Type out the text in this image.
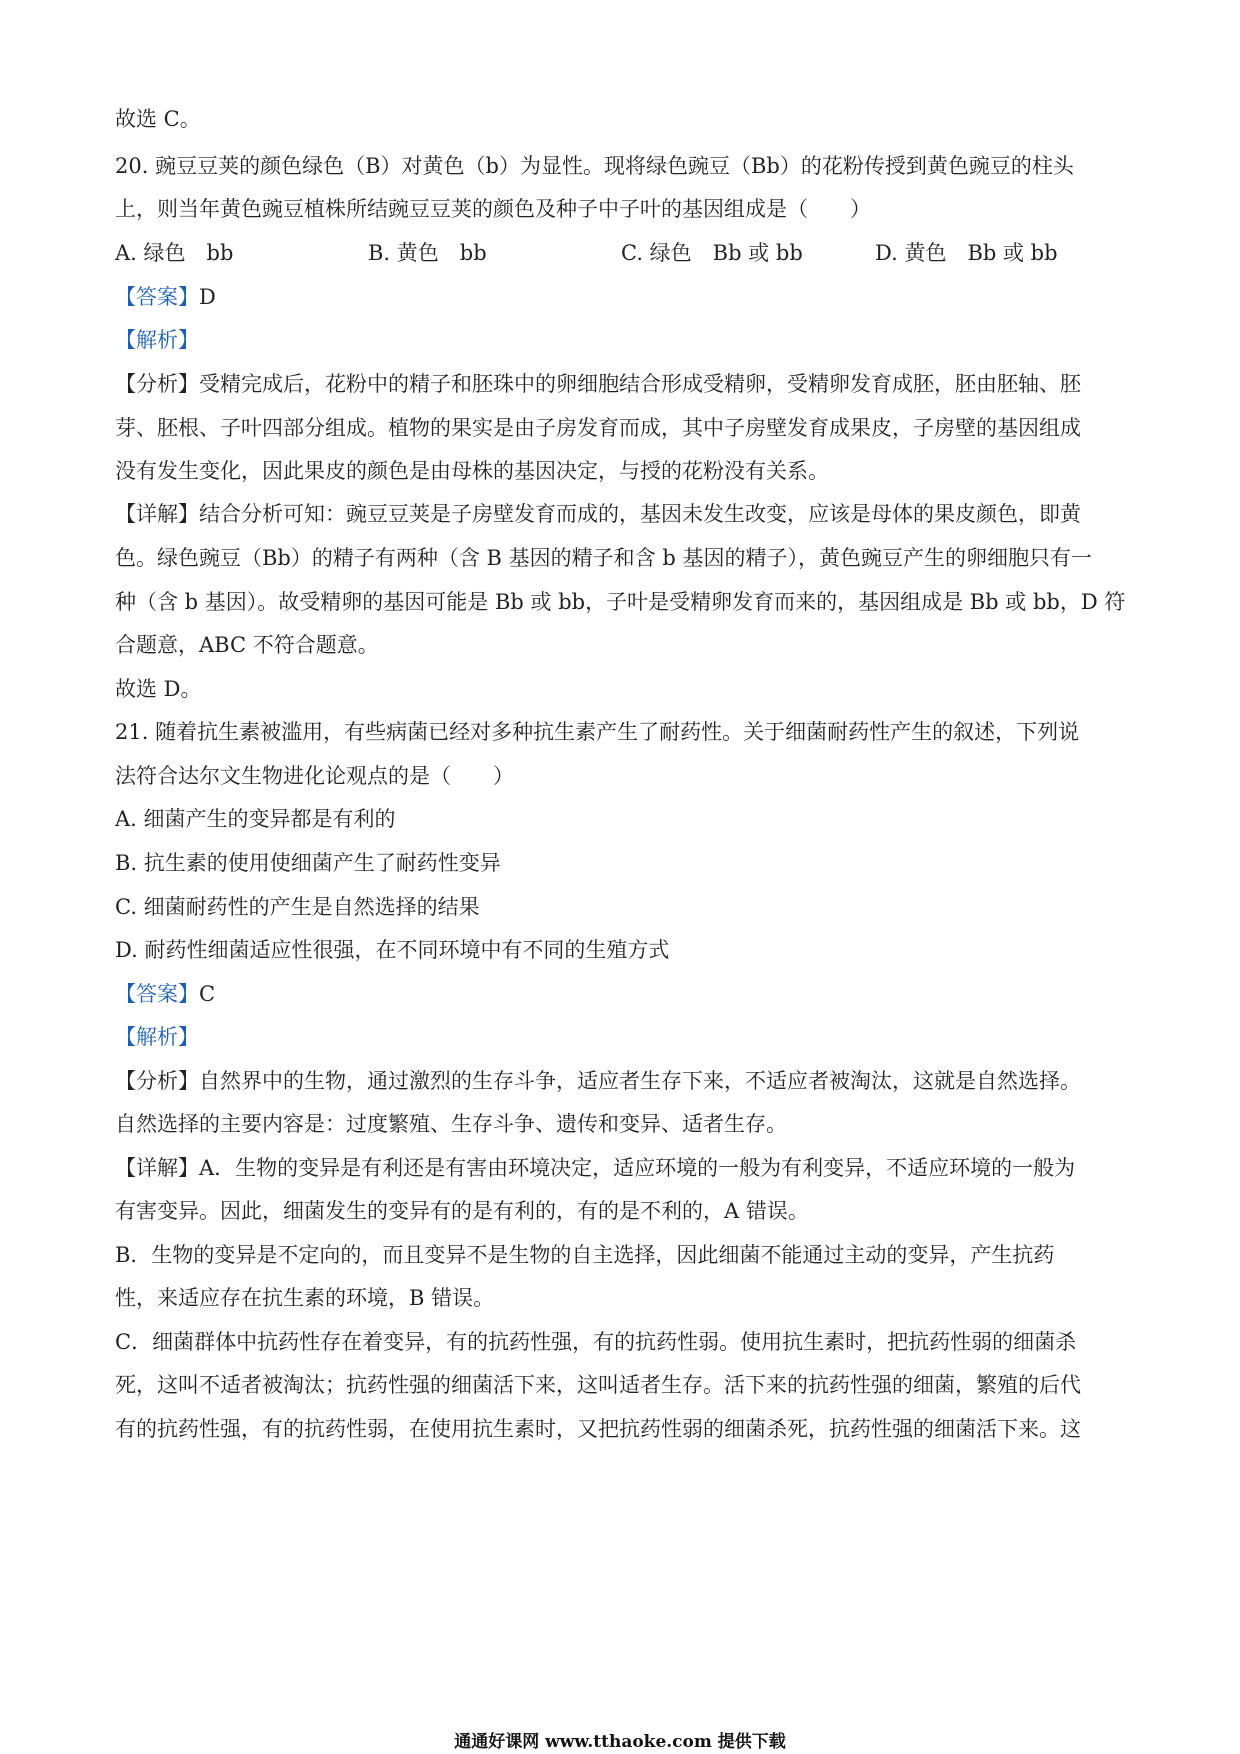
故选 C。
20. 豌豆豆荚的颜色绿色（B）对黄色（b）为显性。现将绿色豌豆（Bb）的花粉传授到黄色豌豆的柱头
上，则当年黄色豌豆植株所结豌豆豆荚的颜色及种子中子叶的基因组成是（　　）
A. 绿色　bb	B. 黄色　bb	C. 绿色　Bb 或 bb	D. 黄色　Bb 或 bb
【答案】D
【解析】
【分析】受精完成后，花粉中的精子和胚珠中的卵细胞结合形成受精卵，受精卵发育成胚，胚由胚轴、胚
芽、胚根、子叶四部分组成。植物的果实是由子房发育而成，其中子房壁发育成果皮，子房壁的基因组成
没有发生变化，因此果皮的颜色是由母株的基因决定，与授的花粉没有关系。
【详解】结合分析可知：豌豆豆荚是子房壁发育而成的，基因未发生改变，应该是母体的果皮颜色，即黄
色。绿色豌豆（Bb）的精子有两种（含 B 基因的精子和含 b 基因的精子），黄色豌豆产生的卵细胞只有一
种（含 b 基因）。故受精卵的基因可能是 Bb 或 bb，子叶是受精卵发育而来的，基因组成是 Bb 或 bb，D 符
合题意，ABC 不符合题意。
故选 D。
21. 随着抗生素被滥用，有些病菌已经对多种抗生素产生了耐药性。关于细菌耐药性产生的叙述，下列说
法符合达尔文生物进化论观点的是（　　）
A. 细菌产生的变异都是有利的
B. 抗生素的使用使细菌产生了耐药性变异
C. 细菌耐药性的产生是自然选择的结果
D. 耐药性细菌适应性很强，在不同环境中有不同的生殖方式
【答案】C
【解析】
【分析】自然界中的生物，通过激烈的生存斗争，适应者生存下来，不适应者被淘汰，这就是自然选择。
自然选择的主要内容是：过度繁殖、生存斗争、遗传和变异、适者生存。
【详解】A．生物的变异是有利还是有害由环境决定，适应环境的一般为有利变异，不适应环境的一般为
有害变异。因此，细菌发生的变异有的是有利的，有的是不利的，A 错误。
B．生物的变异是不定向的，而且变异不是生物的自主选择，因此细菌不能通过主动的变异，产生抗药
性，来适应存在抗生素的环境，B 错误。
C．细菌群体中抗药性存在着变异，有的抗药性强，有的抗药性弱。使用抗生素时，把抗药性弱的细菌杀
死，这叫不适者被淘汰；抗药性强的细菌活下来，这叫适者生存。活下来的抗药性强的细菌，繁殖的后代
有的抗药性强，有的抗药性弱，在使用抗生素时，又把抗药性弱的细菌杀死，抗药性强的细菌活下来。这
通通好课网 www.tthaoke.com 提供下载
